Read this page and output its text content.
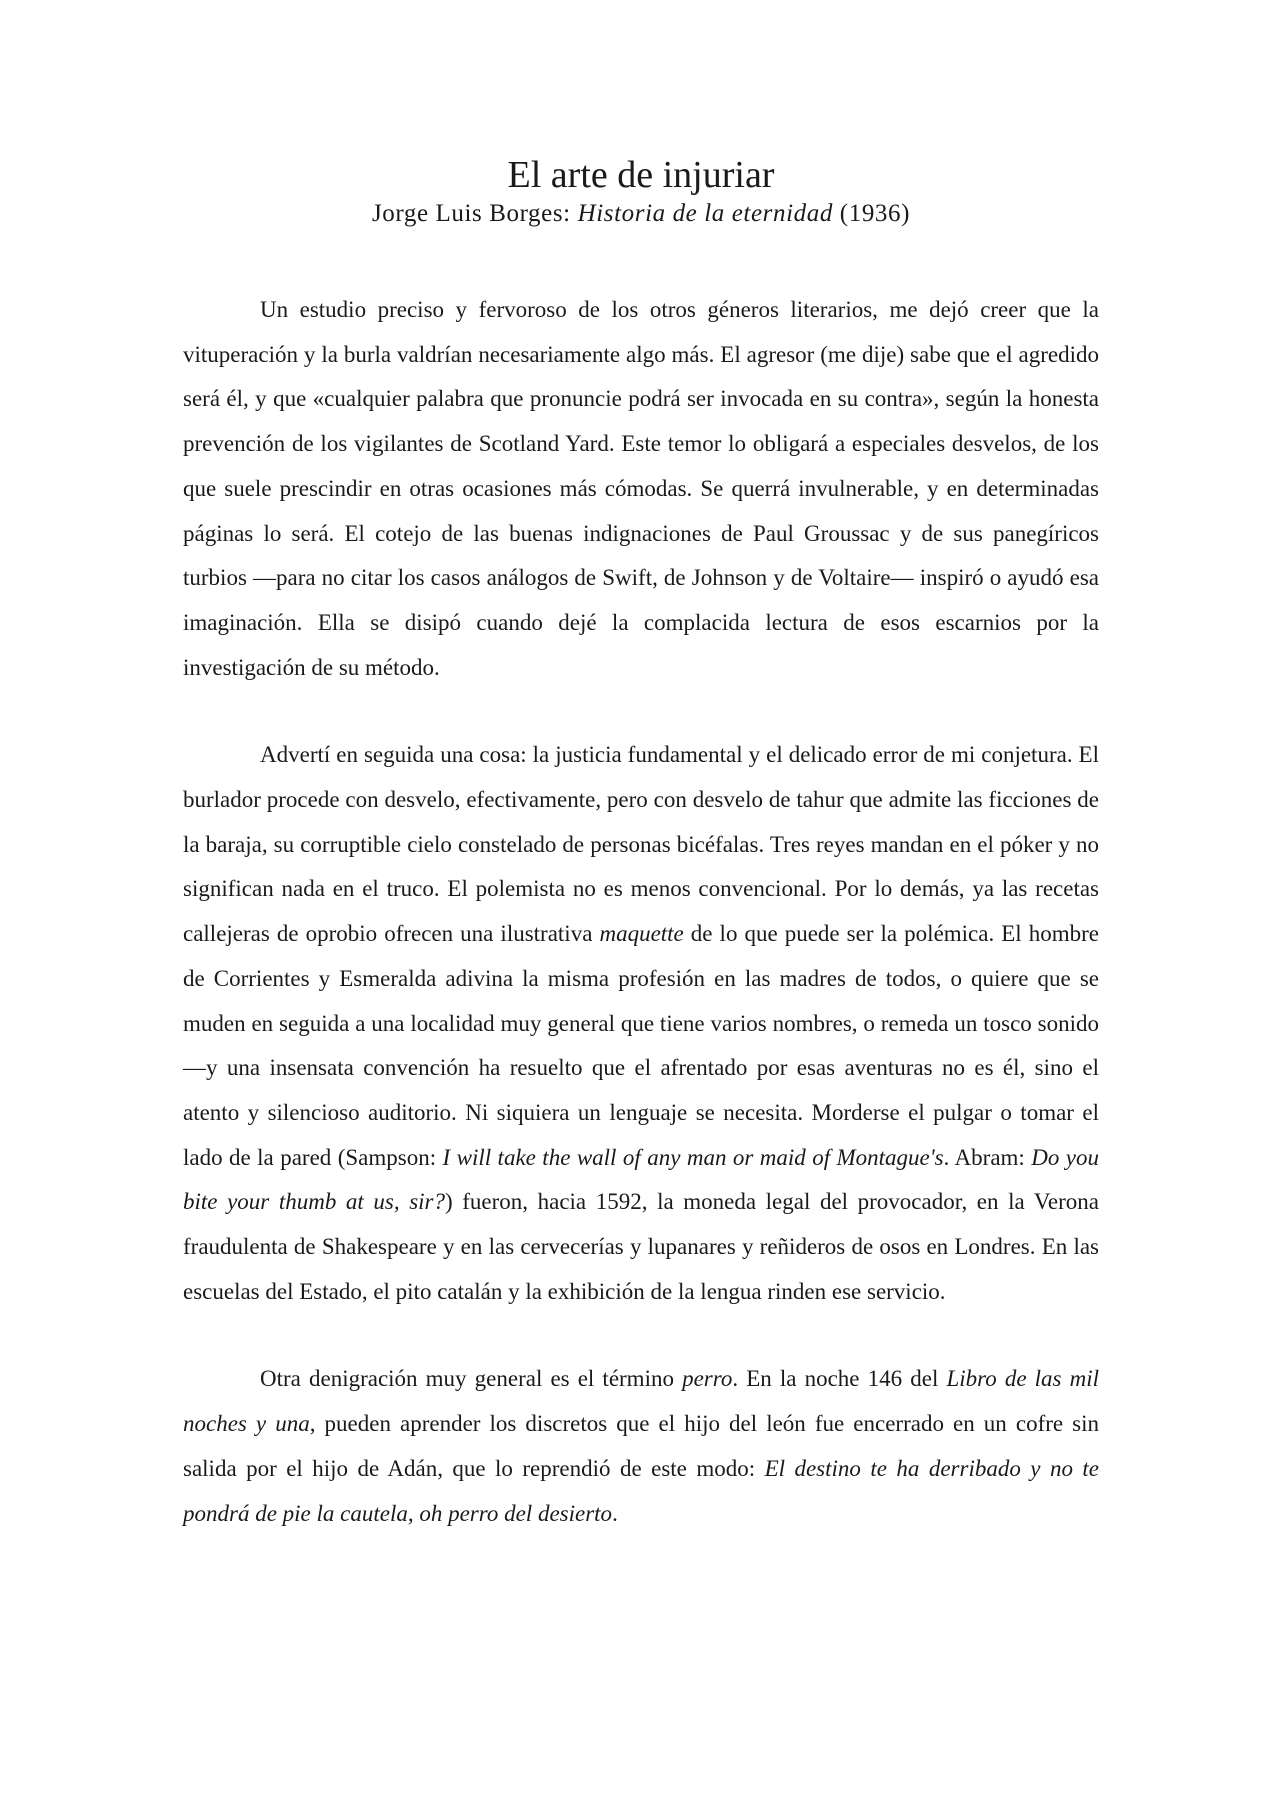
El arte de injuriar

Jorge Luis Borges: Historia de la eternidad (1936)

Un estudio preciso y fervoroso de los otros géneros literarios, me dejó creer que la vituperación y la burla valdrían necesariamente algo más. El agresor (me dije) sabe que el agredido será él, y que «cualquier palabra que pronuncie podrá ser invocada en su contra», según la honesta prevención de los vigilantes de Scotland Yard. Este temor lo obligará a especiales desvelos, de los que suele prescindir en otras ocasiones más cómodas. Se querrá invulnerable, y en determinadas páginas lo será. El cotejo de las buenas indignaciones de Paul Groussac y de sus panegíricos turbios —para no citar los casos análogos de Swift, de Johnson y de Voltaire— inspiró o ayudó esa imaginación. Ella se disipó cuando dejé la complacida lectura de esos escarnios por la investigación de su método.

Advertí en seguida una cosa: la justicia fundamental y el delicado error de mi conjetura. El burlador procede con desvelo, efectivamente, pero con desvelo de tahur que admite las ficciones de la baraja, su corruptible cielo constelado de personas bicéfalas. Tres reyes mandan en el póker y no significan nada en el truco. El polemista no es menos convencional. Por lo demás, ya las recetas callejeras de oprobio ofrecen una ilustrativa maquette de lo que puede ser la polémica. El hombre de Corrientes y Esmeralda adivina la misma profesión en las madres de todos, o quiere que se muden en seguida a una localidad muy general que tiene varios nombres, o remeda un tosco sonido —y una insensata convención ha resuelto que el afrentado por esas aventuras no es él, sino el atento y silencioso auditorio. Ni siquiera un lenguaje se necesita. Morderse el pulgar o tomar el lado de la pared (Sampson: I will take the wall of any man or maid of Montague's. Abram: Do you bite your thumb at us, sir?) fueron, hacia 1592, la moneda legal del provocador, en la Verona fraudulenta de Shakespeare y en las cervecerías y lupanares y reñideros de osos en Londres. En las escuelas del Estado, el pito catalán y la exhibición de la lengua rinden ese servicio.

Otra denigración muy general es el término perro. En la noche 146 del Libro de las mil noches y una, pueden aprender los discretos que el hijo del león fue encerrado en un cofre sin salida por el hijo de Adán, que lo reprendió de este modo: El destino te ha derribado y no te pondrá de pie la cautela, oh perro del desierto.
